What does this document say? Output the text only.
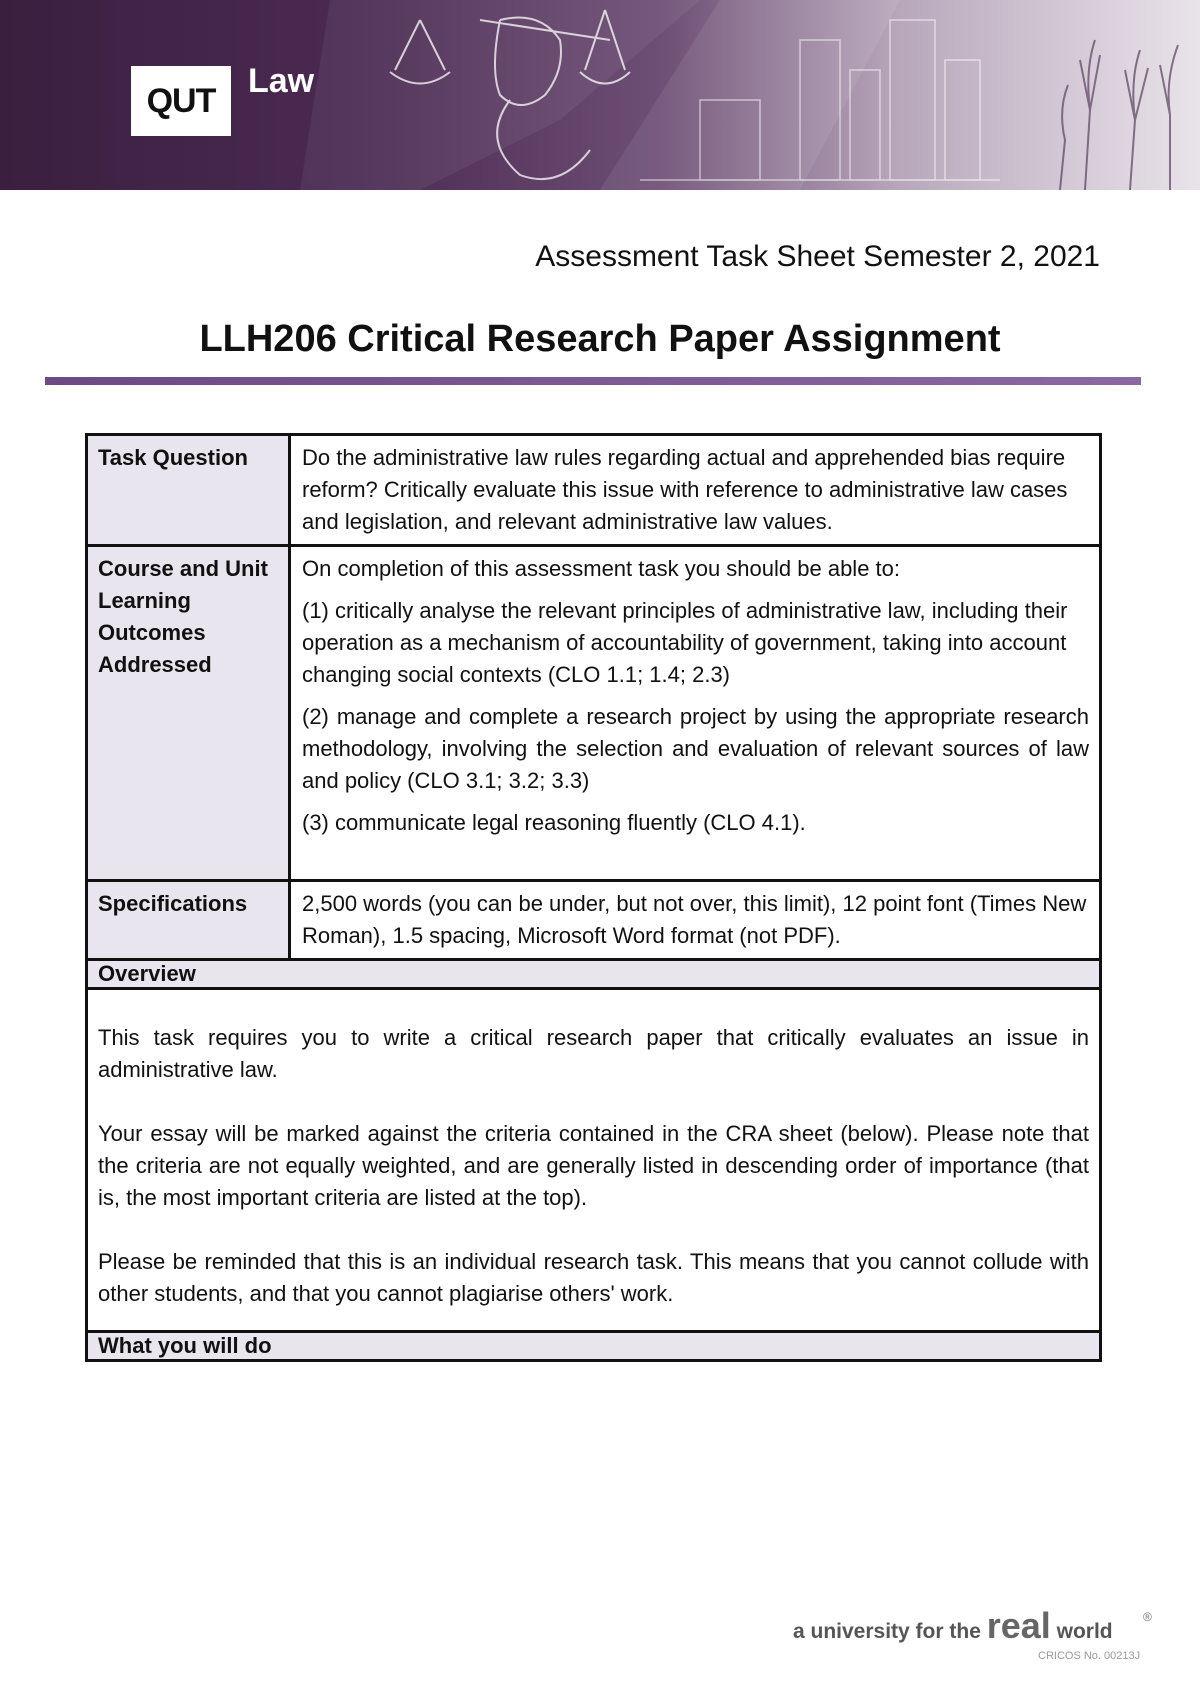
QUT
Law
Assessment Task Sheet Semester 2, 2021
LLH206 Critical Research Paper Assignment
Task Question	Do the administrative law rules regarding actual and apprehended bias require reform? Critically evaluate this issue with reference to administrative law cases and legislation, and relevant administrative law values.
Course and Unit Learning Outcomes Addressed	On completion of this assessment task you should be able to:

(1) critically analyse the relevant principles of administrative law, including their operation as a mechanism of accountability of government, taking into account changing social contexts (CLO 1.1; 1.4; 2.3)

(2) manage and complete a research project by using the appropriate research methodology, involving the selection and evaluation of relevant sources of law and policy (CLO 3.1; 3.2; 3.3)

(3) communicate legal reasoning fluently (CLO 4.1).

Specifications	2,500 words (you can be under, but not over, this limit), 12 point font (Times New Roman), 1.5 spacing, Microsoft Word format (not PDF).
Overview	

This task requires you to write a critical research paper that critically evaluates an issue in administrative law.

Your essay will be marked against the criteria contained in the CRA sheet (below). Please note that the criteria are not equally weighted, and are generally listed in descending order of importance (that is, the most important criteria are listed at the top).

Please be reminded that this is an individual research task. This means that you cannot collude with other students, and that you cannot plagiarise others' work.	

What you will do	
a university for the real world
®
CRICOS No. 00213J
